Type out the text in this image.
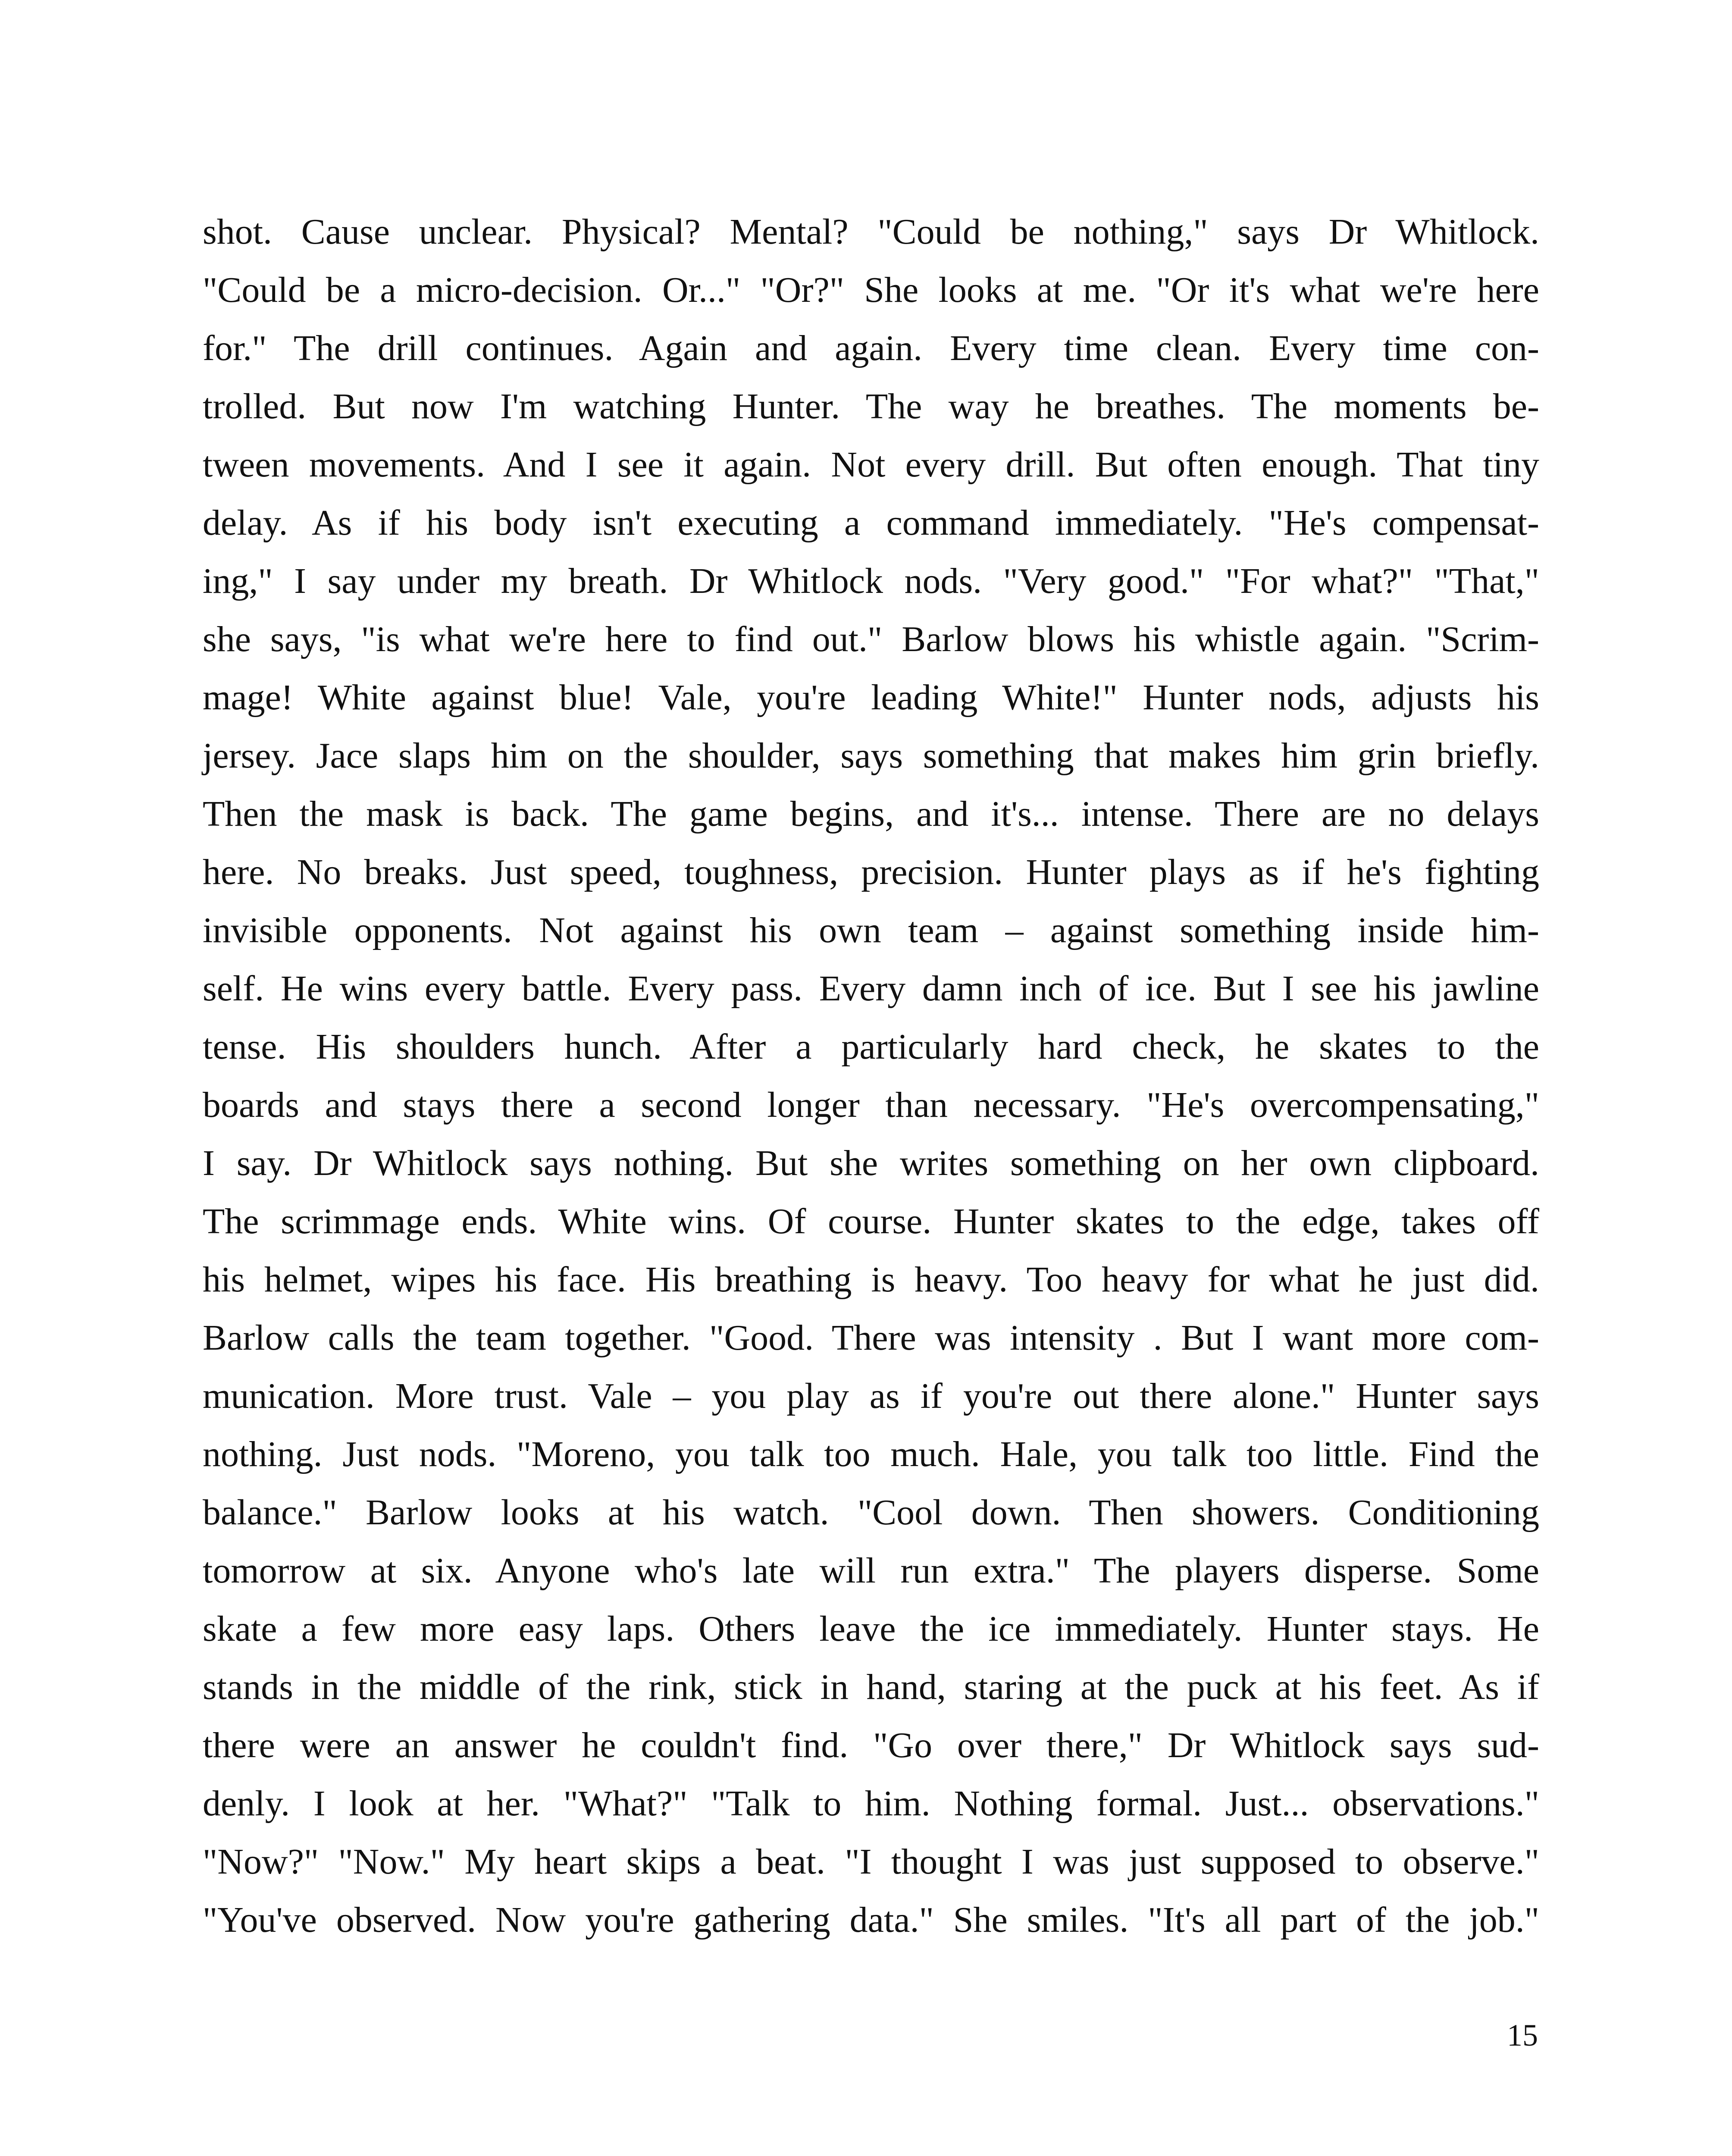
shot. Cause unclear. Physical? Mental? "Could be nothing," says Dr Whitlock.
"Could be a micro-decision. Or..." "Or?" She looks at me. "Or it's what we're here
for." The drill continues. Again and again. Every time clean. Every time con-
trolled. But now I'm watching Hunter. The way he breathes. The moments be-
tween movements. And I see it again. Not every drill. But often enough. That tiny
delay. As if his body isn't executing a command immediately. "He's compensat-
ing," I say under my breath. Dr Whitlock nods. "Very good." "For what?" "That,"
she says, "is what we're here to find out." Barlow blows his whistle again. "Scrim-
mage! White against blue! Vale, you're leading White!" Hunter nods, adjusts his
jersey. Jace slaps him on the shoulder, says something that makes him grin briefly.
Then the mask is back. The game begins, and it's... intense. There are no delays
here. No breaks. Just speed, toughness, precision. Hunter plays as if he's fighting
invisible opponents. Not against his own team – against something inside him-
self. He wins every battle. Every pass. Every damn inch of ice. But I see his jawline
tense. His shoulders hunch. After a particularly hard check, he skates to the
boards and stays there a second longer than necessary. "He's overcompensating,"
I say. Dr Whitlock says nothing. But she writes something on her own clipboard.
The scrimmage ends. White wins. Of course. Hunter skates to the edge, takes off
his helmet, wipes his face. His breathing is heavy. Too heavy for what he just did.
Barlow calls the team together. "Good. There was intensity . But I want more com-
munication. More trust. Vale – you play as if you're out there alone." Hunter says
nothing. Just nods. "Moreno, you talk too much. Hale, you talk too little. Find the
balance." Barlow looks at his watch. "Cool down. Then showers. Conditioning
tomorrow at six. Anyone who's late will run extra." The players disperse. Some
skate a few more easy laps. Others leave the ice immediately. Hunter stays. He
stands in the middle of the rink, stick in hand, staring at the puck at his feet. As if
there were an answer he couldn't find. "Go over there," Dr Whitlock says sud-
denly. I look at her. "What?" "Talk to him. Nothing formal. Just... observations."
"Now?" "Now." My heart skips a beat. "I thought I was just supposed to observe."
"You've observed. Now you're gathering data." She smiles. "It's all part of the job."
15
